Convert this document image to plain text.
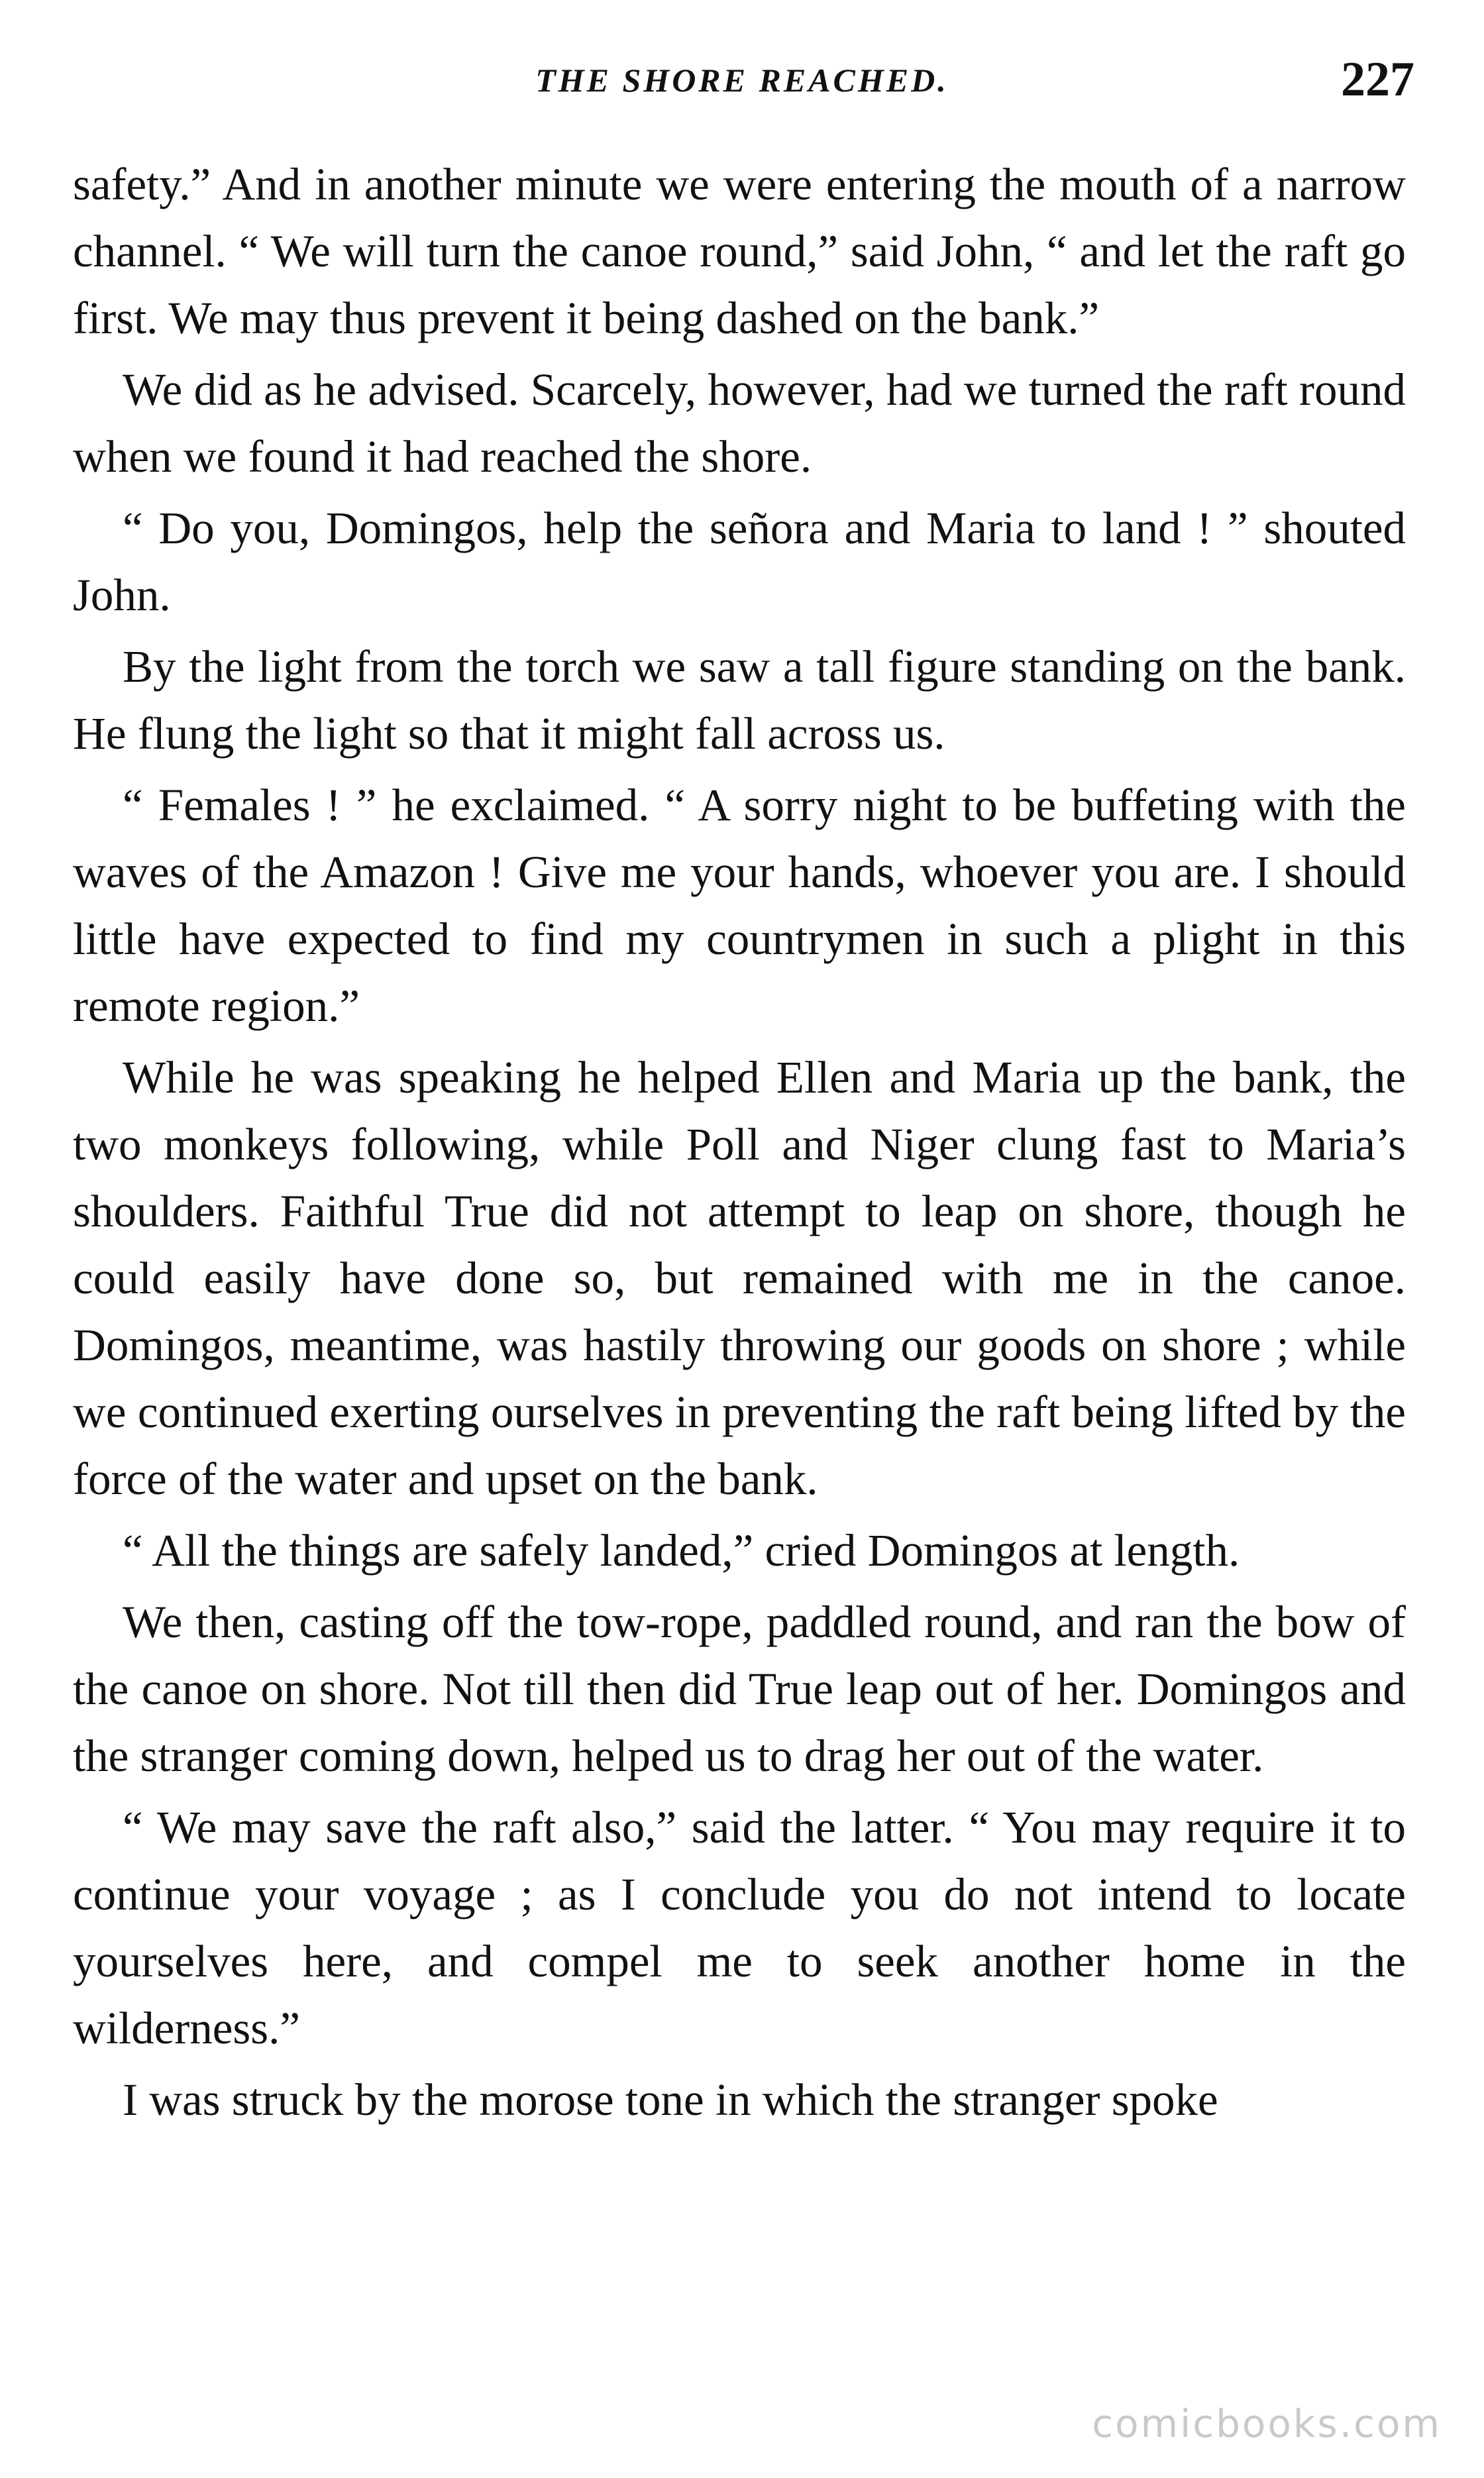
THE SHORE REACHED.	227

safety.” And in another minute we were entering the mouth of a narrow channel. “ We will turn the canoe round,” said John, “ and let the raft go first. We may thus prevent it being dashed on the bank.”

We did as he advised. Scarcely, however, had we turned the raft round when we found it had reached the shore.

“ Do you, Domingos, help the señora and Maria to land ! ” shouted John.

By the light from the torch we saw a tall figure standing on the bank. He flung the light so that it might fall across us.

“ Females ! ” he exclaimed. “ A sorry night to be buffeting with the waves of the Amazon ! Give me your hands, whoever you are. I should little have expected to find my countrymen in such a plight in this remote region.”

While he was speaking he helped Ellen and Maria up the bank, the two monkeys following, while Poll and Niger clung fast to Maria’s shoulders. Faithful True did not attempt to leap on shore, though he could easily have done so, but remained with me in the canoe. Domingos, meantime, was hastily throwing our goods on shore ; while we continued exerting ourselves in preventing the raft being lifted by the force of the water and upset on the bank.

“ All the things are safely landed,” cried Domingos at length.

We then, casting off the tow-rope, paddled round, and ran the bow of the canoe on shore. Not till then did True leap out of her. Domingos and the stranger coming down, helped us to drag her out of the water.

“ We may save the raft also,” said the latter. “ You may require it to continue your voyage ; as I conclude you do not intend to locate yourselves here, and compel me to seek another home in the wilderness.”

I was struck by the morose tone in which the stranger spoke

comicbooks.com
